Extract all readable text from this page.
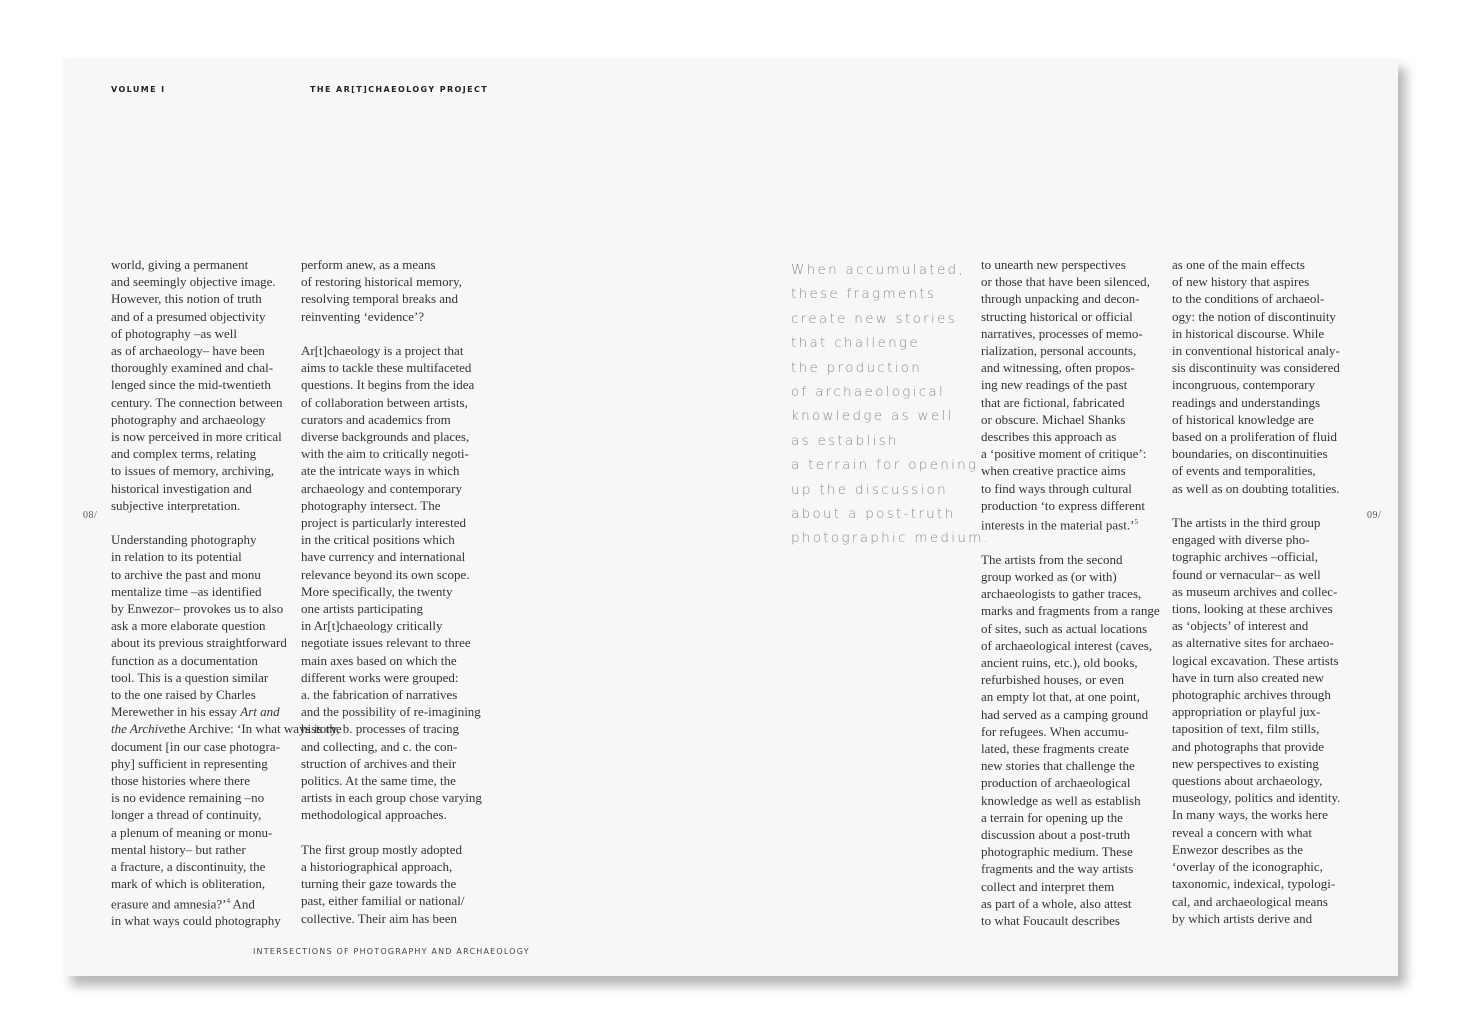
VOLUME I	THE AR[T]CHAEOLOGY PROJECT
08/	09/
world, giving a permanent
and seemingly objective image.
However, this notion of truth
and of a presumed objectivity
of photography –as well
as of archaeology– have been
thoroughly examined and chal-
lenged since the mid-twentieth
century. The connection between
photography and archaeology
is now perceived in more critical
and complex terms, relating
to issues of memory, archiving,
historical investigation and
subjective interpretation.
Understanding photography
in relation to its potential
to archive the past and monu
mentalize time –as identified
by Enwezor– provokes us to also
ask a more elaborate question
about its previous straightforward
function as a documentation
tool. This is a question similar
to the one raised by Charles
Merewether in his essay Art and
the Archivethe Archive: ‘In what ways is the
document [in our case photogra-
phy] sufficient in representing
those histories where there
is no evidence remaining –no
longer a thread of continuity,
a plenum of meaning or monu-
mental history– but rather
a fracture, a discontinuity, the
mark of which is obliteration,
erasure and amnesia?’$^4$ And
in what ways could photography
perform anew, as a means
of restoring historical memory,
resolving temporal breaks and
reinventing ‘evidence’?
Ar[t]chaeology is a project that
aims to tackle these multifaceted
questions. It begins from the idea
of collaboration between artists,
curators and academics from
diverse backgrounds and places,
with the aim to critically negoti-
ate the intricate ways in which
archaeology and contemporary
photography intersect. The
project is particularly interested
in the critical positions which
have currency and international
relevance beyond its own scope.
More specifically, the twenty
one artists participating
in Ar[t]chaeology critically
negotiate issues relevant to three
main axes based on which the
different works were grouped:
a. the fabrication of narratives
and the possibility of re-imagining
history, b. processes of tracing
and collecting, and c. the con-
struction of archives and their
politics. At the same time, the
artists in each group chose varying
methodological approaches.
The first group mostly adopted
a historiographical approach,
turning their gaze towards the
past, either familial or national/
collective. Their aim has been
When accumulated,
these fragments
create new stories
that challenge
the production
of archaeological
knowledge as well
as establish
a terrain for opening
up the discussion
about a post-truth
photographic medium.
to unearth new perspectives
or those that have been silenced,
through unpacking and decon-
structing historical or official
narratives, processes of memo-
rialization, personal accounts,
and witnessing, often propos-
ing new readings of the past
that are fictional, fabricated
or obscure. Michael Shanks
describes this approach as
a ‘positive moment of critique’:
when creative practice aims
to find ways through cultural
production ‘to express different
interests in the material past.’$^5$
The artists from the second
group worked as (or with)
archaeologists to gather traces,
marks and fragments from a range
of sites, such as actual locations
of archaeological interest (caves,
ancient ruins, etc.), old books,
refurbished houses, or even
an empty lot that, at one point,
had served as a camping ground
for refugees. When accumu-
lated, these fragments create
new stories that challenge the
production of archaeological
knowledge as well as establish
a terrain for opening up the
discussion about a post-truth
photographic medium. These
fragments and the way artists
collect and interpret them
as part of a whole, also attest
to what Foucault describes
as one of the main effects
of new history that aspires
to the conditions of archaeol-
ogy: the notion of discontinuity
in historical discourse. While
in conventional historical analy-
sis discontinuity was considered
incongruous, contemporary
readings and understandings
of historical knowledge are
based on a proliferation of fluid
boundaries, on discontinuities
of events and temporalities,
as well as on doubting totalities.
The artists in the third group
engaged with diverse pho-
tographic archives –official,
found or vernacular– as well
as museum archives and collec-
tions, looking at these archives
as ‘objects’ of interest and
as alternative sites for archaeo-
logical excavation. These artists
have in turn also created new
photographic archives through
appropriation or playful jux-
taposition of text, film stills,
and photographs that provide
new perspectives to existing
questions about archaeology,
museology, politics and identity.
In many ways, the works here
reveal a concern with what
Enwezor describes as the
‘overlay of the iconographic,
taxonomic, indexical, typologi-
cal, and archaeological means
by which artists derive and
INTERSECTIONS OF PHOTOGRAPHY AND ARCHAEOLOGY
